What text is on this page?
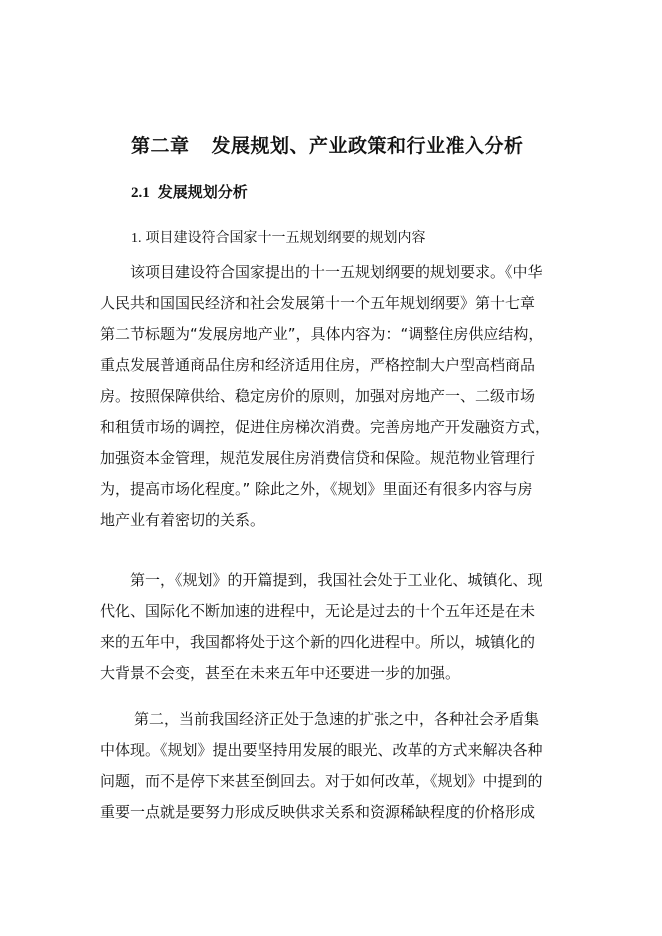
第二章 发展规划、产业政策和行业准入分析
2.1 发展规划分析
1. 项目建设符合国家十一五规划纲要的规划内容
该项目建设符合国家提出的十一五规划纲要的规划要求。《中华
人民共和国国民经济和社会发展第十一个五年规划纲要》第十七章
第二节标题为“发展房地产业”，具体内容为：“调整住房供应结构，
重点发展普通商品住房和经济适用住房，严格控制大户型高档商品
房。按照保障供给、稳定房价的原则，加强对房地产一、二级市场
和租赁市场的调控，促进住房梯次消费。完善房地产开发融资方式，
加强资本金管理，规范发展住房消费信贷和保险。规范物业管理行
为，提高市场化程度。” 除此之外，《规划》里面还有很多内容与房
地产业有着密切的关系。
第一，《规划》的开篇提到，我国社会处于工业化、城镇化、现
代化、国际化不断加速的进程中，无论是过去的十个五年还是在未
来的五年中，我国都将处于这个新的四化进程中。所以，城镇化的
大背景不会变，甚至在未来五年中还要进一步的加强。
第二，当前我国经济正处于急速的扩张之中，各种社会矛盾集
中体现。《规划》提出要坚持用发展的眼光、改革的方式来解决各种
问题，而不是停下来甚至倒回去。对于如何改革，《规划》中提到的
重要一点就是要努力形成反映供求关系和资源稀缺程度的价格形成
